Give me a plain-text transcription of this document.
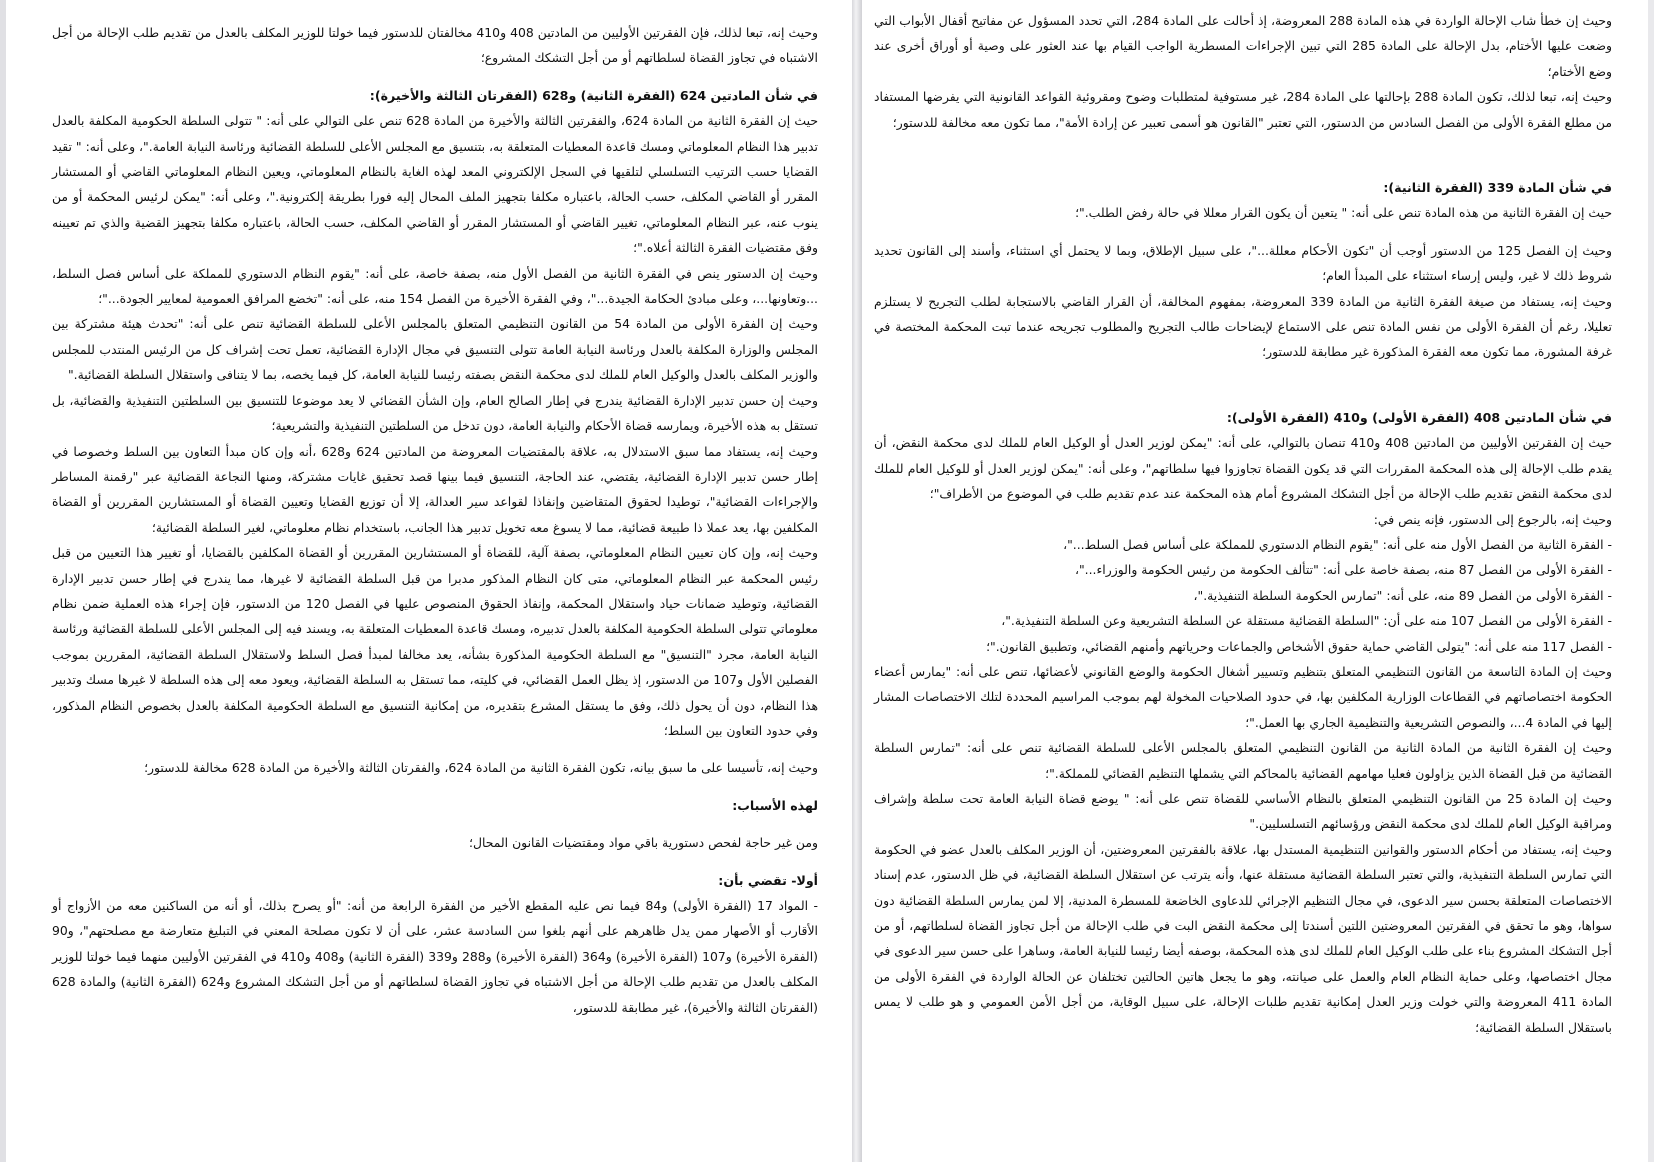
وحيث إنه، تبعا لذلك، فإن الفقرتين الأوليين من المادتين 408 و410 مخالفتان للدستور فيما خولتا للوزير المكلف بالعدل من تقديم طلب الإحالة من أجل الاشتباه في تجاوز القضاة لسلطاتهم أو من أجل التشكك المشروع؛

في شأن المادتين 624 (الفقرة الثانية) و628 (الفقرتان الثالثة والأخيرة):

حيث إن الفقرة الثانية من المادة 624، والفقرتين الثالثة والأخيرة من المادة 628 تنص على التوالي على أنه: " تتولى السلطة الحكومية المكلفة بالعدل تدبير هذا النظام المعلوماتي ومسك قاعدة المعطيات المتعلقة به، بتنسيق مع المجلس الأعلى للسلطة القضائية ورئاسة النيابة العامة."، وعلى أنه: " تقيد القضايا حسب الترتيب التسلسلي لتلقيها في السجل الإلكتروني المعد لهذه الغاية بالنظام المعلوماتي، ويعين النظام المعلوماتي القاضي أو المستشار المقرر أو القاضي المكلف، حسب الحالة، باعتباره مكلفا بتجهيز الملف المحال إليه فورا بطريقة إلكترونية."، وعلى أنه: "يمكن لرئيس المحكمة أو من ينوب عنه، عبر النظام المعلوماتي، تغيير القاضي أو المستشار المقرر أو القاضي المكلف، حسب الحالة، باعتباره مكلفا بتجهيز القضية والذي تم تعيينه وفق مقتضيات الفقرة الثالثة أعلاه."؛

وحيث إن الدستور ينص في الفقرة الثانية من الفصل الأول منه، بصفة خاصة، على أنه: "يقوم النظام الدستوري للمملكة على أساس فصل السلط، ...وتعاونها...، وعلى مبادئ الحكامة الجيدة..."، وفي الفقرة الأخيرة من الفصل 154 منه، على أنه: "تخضع المرافق العمومية لمعايير الجودة..."؛

وحيث إن الفقرة الأولى من المادة 54 من القانون التنظيمي المتعلق بالمجلس الأعلى للسلطة القضائية تنص على أنه: "تحدث هيئة مشتركة بين المجلس والوزارة المكلفة بالعدل ورئاسة النيابة العامة تتولى التنسيق في مجال الإدارة القضائية، تعمل تحت إشراف كل من الرئيس المنتدب للمجلس والوزير المكلف بالعدل والوكيل العام للملك لدى محكمة النقض بصفته رئيسا للنيابة العامة، كل فيما يخصه، بما لا يتنافى واستقلال السلطة القضائية."

وحيث إن حسن تدبير الإدارة القضائية يندرج في إطار الصالح العام، وإن الشأن القضائي لا يعد موضوعا للتنسيق بين السلطتين التنفيذية والقضائية، بل تستقل به هذه الأخيرة، ويمارسه قضاة الأحكام والنيابة العامة، دون تدخل من السلطتين التنفيذية والتشريعية؛

وحيث إنه، يستفاد مما سبق الاستدلال به، علاقة بالمقتضيات المعروضة من المادتين 624 و628 ،أنه وإن كان مبدأ التعاون بين السلط وخصوصا في إطار حسن تدبير الإدارة القضائية، يقتضي، عند الحاجة، التنسيق فيما بينها قصد تحقيق غايات مشتركة، ومنها النجاعة القضائية عبر "رقمنة المساطر والإجراءات القضائية"، توطيدا لحقوق المتقاضين وإنفاذا لقواعد سير العدالة، إلا أن توزيع القضايا وتعيين القضاة أو المستشارين المقررين أو القضاة المكلفين بها، يعد عملا ذا طبيعة قضائية، مما لا يسوغ معه تخويل تدبير هذا الجانب، باستخدام نظام معلوماتي، لغير السلطة القضائية؛

وحيث إنه، وإن كان تعيين النظام المعلوماتي، بصفة آلية، للقضاة أو المستشارين المقررين أو القضاة المكلفين بالقضايا، أو تغيير هذا التعيين من قبل رئيس المحكمة عبر النظام المعلوماتي، متى كان النظام المذكور مدبرا من قبل السلطة القضائية لا غيرها، مما يندرج في إطار حسن تدبير الإدارة القضائية، وتوطيد ضمانات حياد واستقلال المحكمة، وإنفاذ الحقوق المنصوص عليها في الفصل 120 من الدستور، فإن إجراء هذه العملية ضمن نظام معلوماتي تتولى السلطة الحكومية المكلفة بالعدل تدبيره، ومسك قاعدة المعطيات المتعلقة به، ويسند فيه إلى المجلس الأعلى للسلطة القضائية ورئاسة النيابة العامة، مجرد "التنسيق" مع السلطة الحكومية المذكورة بشأنه، يعد مخالفا لمبدأ فصل السلط ولاستقلال السلطة القضائية، المقررين بموجب الفصلين الأول و107 من الدستور، إذ يظل العمل القضائي، في كليته، مما تستقل به السلطة القضائية، ويعود معه إلى هذه السلطة لا غيرها مسك وتدبير هذا النظام، دون أن يحول ذلك، وفق ما يستقل المشرع بتقديره، من إمكانية التنسيق مع السلطة الحكومية المكلفة بالعدل بخصوص النظام المذكور، وفي حدود التعاون بين السلط؛

وحيث إنه، تأسيسا على ما سبق بيانه، تكون الفقرة الثانية من المادة 624، والفقرتان الثالثة والأخيرة من المادة 628 مخالفة للدستور؛

لهذه الأسباب:

ومن غير حاجة لفحص دستورية باقي مواد ومقتضيات القانون المحال؛

أولا- تقضي بأن:

- المواد 17 (الفقرة الأولى) و84 فيما نص عليه المقطع الأخير من الفقرة الرابعة من أنه: "أو يصرح بذلك، أو أنه من الساكنين معه من الأزواج أو الأقارب أو الأصهار ممن يدل ظاهرهم على أنهم بلغوا سن السادسة عشر، على أن لا تكون مصلحة المعني في التبليغ متعارضة مع مصلحتهم"، و90 (الفقرة الأخيرة) و107 (الفقرة الأخيرة) و364 (الفقرة الأخيرة) و288 و339 (الفقرة الثانية) و408 و410 في الفقرتين الأوليين منهما فيما خولتا للوزير المكلف بالعدل من تقديم طلب الإحالة من أجل الاشتباه في تجاوز القضاة لسلطاتهم أو من أجل التشكك المشروع و624 (الفقرة الثانية) والمادة 628 (الفقرتان الثالثة والأخيرة)، غير مطابقة للدستور،

وحيث إن خطأ شاب الإحالة الواردة في هذه المادة 288 المعروضة، إذ أحالت على المادة 284، التي تحدد المسؤول عن مفاتيح أقفال الأبواب التي وضعت عليها الأختام، بدل الإحالة على المادة 285 التي تبين الإجراءات المسطرية الواجب القيام بها عند العثور على وصية أو أوراق أخرى عند وضع الأختام؛

وحيث إنه، تبعا لذلك، تكون المادة 288 بإحالتها على المادة 284، غير مستوفية لمتطلبات وضوح ومقروئية القواعد القانونية التي يفرضها المستفاد من مطلع الفقرة الأولى من الفصل السادس من الدستور، التي تعتبر "القانون هو أسمى تعبير عن إرادة الأمة"، مما تكون معه مخالفة للدستور؛

في شأن المادة 339 (الفقرة الثانية):

حيث إن الفقرة الثانية من هذه المادة تنص على أنه: " يتعين أن يكون القرار معللا في حالة رفض الطلب."؛

وحيث إن الفصل 125 من الدستور أوجب أن "تكون الأحكام معللة..."، على سبيل الإطلاق، وبما لا يحتمل أي استثناء، وأسند إلى القانون تحديد شروط ذلك لا غير، وليس إرساء استثناء على المبدأ العام؛

وحيث إنه، يستفاد من صيغة الفقرة الثانية من المادة 339 المعروضة، بمفهوم المخالفة، أن القرار القاضي بالاستجابة لطلب التجريح لا يستلزم تعليلا، رغم أن الفقرة الأولى من نفس المادة تنص على الاستماع لإيضاحات طالب التجريح والمطلوب تجريحه عندما تبت المحكمة المختصة في غرفة المشورة، مما تكون معه الفقرة المذكورة غير مطابقة للدستور؛

في شأن المادتين 408 (الفقرة الأولى) و410 (الفقرة الأولى):

حيث إن الفقرتين الأوليين من المادتين 408 و410 تنصان بالتوالي، على أنه: "يمكن لوزير العدل أو الوكيل العام للملك لدى محكمة النقض، أن يقدم طلب الإحالة إلى هذه المحكمة المقررات التي قد يكون القضاة تجاوزوا فيها سلطاتهم"، وعلى أنه: "يمكن لوزير العدل أو للوكيل العام للملك لدى محكمة النقض تقديم طلب الإحالة من أجل التشكك المشروع أمام هذه المحكمة عند عدم تقديم طلب في الموضوع من الأطراف"؛

وحيث إنه، بالرجوع إلى الدستور، فإنه ينص في:

- الفقرة الثانية من الفصل الأول منه على أنه: "يقوم النظام الدستوري للمملكة على أساس فصل السلط..."،

- الفقرة الأولى من الفصل 87 منه، بصفة خاصة على أنه: "تتألف الحكومة من رئيس الحكومة والوزراء..."،

- الفقرة الأولى من الفصل 89 منه، على أنه: "تمارس الحكومة السلطة التنفيذية."،

- الفقرة الأولى من الفصل 107 منه على أن: "السلطة القضائية مستقلة عن السلطة التشريعية وعن السلطة التنفيذية."،

- الفصل 117 منه على أنه: "يتولى القاضي حماية حقوق الأشخاص والجماعات وحرياتهم وأمنهم القضائي، وتطبيق القانون."؛

وحيث إن المادة التاسعة من القانون التنظيمي المتعلق بتنظيم وتسيير أشغال الحكومة والوضع القانوني لأعضائها، تنص على أنه: "يمارس أعضاء الحكومة اختصاصاتهم في القطاعات الوزارية المكلفين بها، في حدود الصلاحيات المخولة لهم بموجب المراسيم المحددة لتلك الاختصاصات المشار إليها في المادة 4...، والنصوص التشريعية والتنظيمية الجاري بها العمل."؛

وحيث إن الفقرة الثانية من المادة الثانية من القانون التنظيمي المتعلق بالمجلس الأعلى للسلطة القضائية تنص على أنه: "تمارس السلطة القضائية من قبل القضاة الذين يزاولون فعليا مهامهم القضائية بالمحاكم التي يشملها التنظيم القضائي للمملكة."؛

وحيث إن المادة 25 من القانون التنظيمي المتعلق بالنظام الأساسي للقضاة تنص على أنه: " يوضع قضاة النيابة العامة تحت سلطة وإشراف ومراقبة الوكيل العام للملك لدى محكمة النقض ورؤسائهم التسلسليين."

وحيث إنه، يستفاد من أحكام الدستور والقوانين التنظيمية المستدل بها، علاقة بالفقرتين المعروضتين، أن الوزير المكلف بالعدل عضو في الحكومة التي تمارس السلطة التنفيذية، والتي تعتبر السلطة القضائية مستقلة عنها، وأنه يترتب عن استقلال السلطة القضائية، في ظل الدستور، عدم إسناد الاختصاصات المتعلقة بحسن سير الدعوى، في مجال التنظيم الإجرائي للدعاوى الخاضعة للمسطرة المدنية، إلا لمن يمارس السلطة القضائية دون سواها، وهو ما تحقق في الفقرتين المعروضتين اللتين أسندتا إلى محكمة النقض البت في طلب الإحالة من أجل تجاوز القضاة لسلطاتهم، أو من أجل التشكك المشروع بناء على طلب الوكيل العام للملك لدى هذه المحكمة، بوصفه أيضا رئيسا للنيابة العامة، وساهرا على حسن سير الدعوى في مجال اختصاصها، وعلى حماية النظام العام والعمل على صيانته، وهو ما يجعل هاتين الحالتين تختلفان عن الحالة الواردة في الفقرة الأولى من المادة 411 المعروضة والتي خولت وزير العدل إمكانية تقديم طلبات الإحالة، على سبيل الوقاية، من أجل الأمن العمومي و هو طلب لا يمس باستقلال السلطة القضائية؛
